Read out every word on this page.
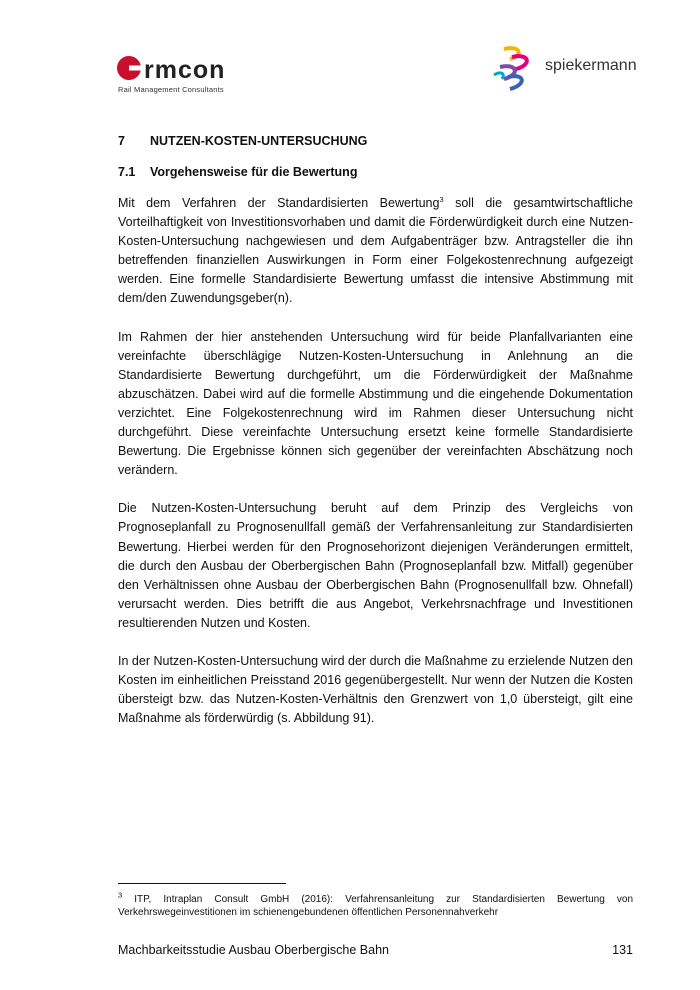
rmcon
Rail Management Consultants
spiekermann
7	NUTZEN-KOSTEN-UNTERSUCHUNG
7.1	Vorgehensweise für die Bewertung

Mit dem Verfahren der Standardisierten Bewertung$^3$ soll die gesamtwirtschaftliche Vorteilhaftigkeit von Investitionsvorhaben und damit die Förderwürdigkeit durch eine Nutzen-Kosten-Untersuchung nachgewiesen und dem Aufgabenträger bzw. Antragsteller die ihn betreffenden finanziellen Auswirkungen in Form einer Folgekostenrechnung aufgezeigt werden. Eine formelle Standardisierte Bewertung umfasst die intensive Abstimmung mit dem/den Zuwendungsgeber(n).

Im Rahmen der hier anstehenden Untersuchung wird für beide Planfallvarianten eine vereinfachte überschlägige Nutzen-Kosten-Untersuchung in Anlehnung an die Standardisierte Bewertung durchgeführt, um die Förderwürdigkeit der Maßnahme abzuschätzen. Dabei wird auf die formelle Abstimmung und die eingehende Dokumentation verzichtet. Eine Folgekostenrechnung wird im Rahmen dieser Untersuchung nicht durchgeführt. Diese vereinfachte Untersuchung ersetzt keine formelle Standardisierte Bewertung. Die Ergebnisse können sich gegenüber der vereinfachten Abschätzung noch verändern.

Die Nutzen-Kosten-Untersuchung beruht auf dem Prinzip des Vergleichs von Prognoseplanfall zu Prognosenullfall gemäß der Verfahrensanleitung zur Standardisierten Bewertung. Hierbei werden für den Prognosehorizont diejenigen Veränderungen ermittelt, die durch den Ausbau der Oberbergischen Bahn (Prognoseplanfall bzw. Mitfall) gegenüber den Verhältnissen ohne Ausbau der Oberbergischen Bahn (Prognosenullfall bzw. Ohnefall) verursacht werden. Dies betrifft die aus Angebot, Verkehrsnachfrage und Investitionen resultierenden Nutzen und Kosten.

In der Nutzen-Kosten-Untersuchung wird der durch die Maßnahme zu erzielende Nutzen den Kosten im einheitlichen Preisstand 2016 gegenübergestellt. Nur wenn der Nutzen die Kosten übersteigt bzw. das Nutzen-Kosten-Verhältnis den Grenzwert von 1,0 übersteigt, gilt eine Maßnahme als förderwürdig (s. Abbildung 91).

$^3$ ITP, Intraplan Consult GmbH (2016): Verfahrensanleitung zur Standardisierten Bewertung von Verkehrswegeinvestitionen im schienengebundenen öffentlichen Personennahverkehr
Machbarkeitsstudie Ausbau Oberbergische Bahn	131
